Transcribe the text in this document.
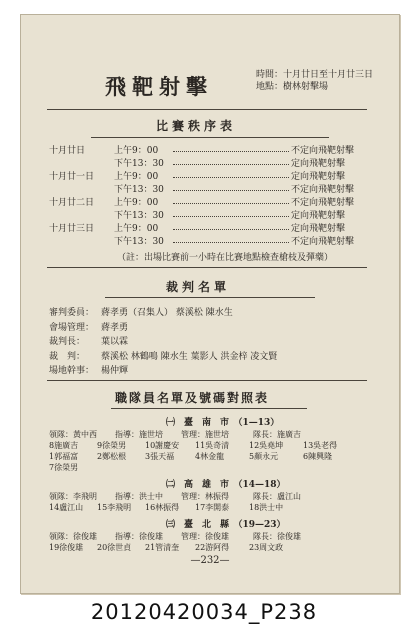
飛靶射擊	時間：十月廿日至十月廿三日
地點：樹林射擊場
比賽秩序表
十月廿日	上午9：00	不定向飛靶射擊
下午13：30	定向飛靶射擊
十月廿一日 上午9：00	定向飛靶射擊
下午13：30	不定向飛靶射擊
十月廿二日 上午9：00	不定向飛靶射擊
下午13：30	定向飛靶射擊
十月廿三日 上午9：00	定向飛靶射擊
下午13：30	不定向飛靶射擊
（註：出場比賽前一小時在比賽地點檢查槍枝及彈藥）
裁判名單
審判委員： 蔣孝勇（召集人） 蔡溪松 陳水生
會場管理： 蔣孝勇
裁判長： 葉以霖
裁　判： 蔡溪松 林鶴鳴 陳水生 葉影人 洪金梓 凌文賢
場地幹事： 楊仲輝
職隊員名單及號碼對照表
㈠　臺　南　市　（1—13）
領隊：黃中西 指導：施世培 管理：施世培	隊長：施廣吉
8施廣吉 9徐榮男 10謝慶安 11吳奇清 12吳堯坤 13吳老得
1郭福富 2鄭松根 3張天福	4林金龍	5顏永元	6陳興隆
7徐榮男
㈡　高　雄　市　（14—18）
領隊：李飛明 指導：洪士中 管理：林振得	隊長：盧江山
14盧江山 15李飛明 16林振得 17李開泰 18洪士中
㈢　臺　北　縣　（19—23）
領隊：徐俊雄 指導：徐俊雄 管理：徐俊雄	隊長：徐俊雄
19徐俊雄 20徐世貞 21管清奎 22游阿得 23周文政
—232—
20120420034_P238
